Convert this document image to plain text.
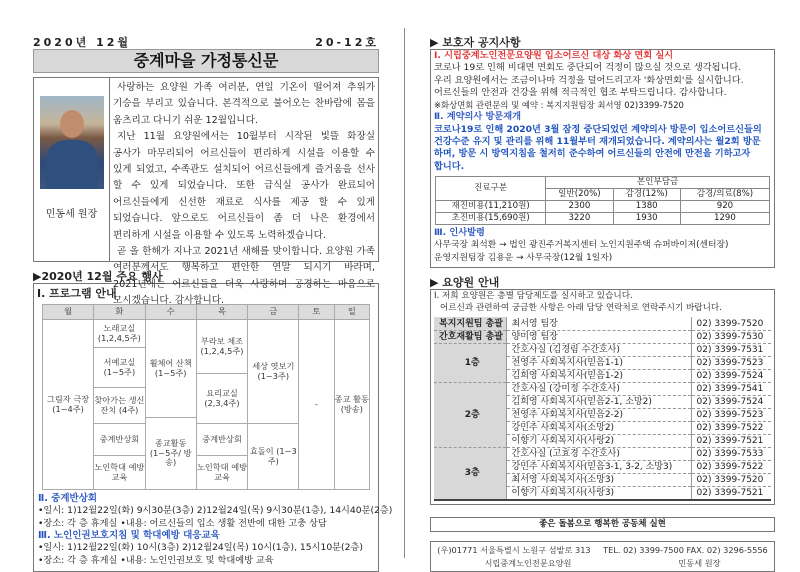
2020년 12월	20-12호
중계마을 가정통신문
민동세 원장

사랑하는 요양원 가족 여러분, 연일 기온이 떨어져 추위가 기승을 부리고 있습니다. 본격적으로 불어오는 찬바람에 몸을 움츠리고 다니기 쉬운 12월입니다.

지난 11월 요양원에서는 10월부터 시작된 빛뜰 화장실 공사가 마무리되어 어르신들이 편리하게 시설을 이용할 수 있게 되었고, 수족관도 설치되어 어르신들에게 즐거움을 선사 할 수 있게 되었습니다. 또한 급식실 공사가 완료되어 어르신들에게 신선한 재료로 식사를 제공 할 수 있게 되었습니다. 앞으로도 어르신들이 좀 더 나은 환경에서 편리하게 시설을 이용할 수 있도록 노력하겠습니다.

곧 올 한해가 지나고 2021년 새해를 맞이합니다. 요양원 가족 여러분께서도 행복하고 편안한 연말 되시기 바라며, 2021년에는 어르신들을 더욱 사랑하며 공경하는 마음으로 모시겠습니다. 감사합니다.

▶2020년 12월 주요 행사
Ⅰ. 프로그램 안내
월	화	수	목	금	토	일
그림자 극장 (1~4주)	노래교실 (1,2,4,5주)	휠체어 산책 (1~5주)	부라보 체조 (1,2,4,5주)	세상 엿보기 (1~3주)	-	종교 활동 (방송)

	서예교실 (1~5주)					
			요리교실 (2,3,4주)			
	찾아가는 생신잔치 (4주)					
		종교활동 (1~5주/ 방송)				
	중계반상회		중계반상회	효돌이 (1~3주)		

	노인학대 예방교육		노인학대 예방교육			

Ⅱ. 중계반상회
•일시: 1)12월22일(화) 9시30분(3층) 2)12월24일(목) 9시30분(1층), 14시40분(2층)
•장소: 각 층 휴게실 •내용: 어르신들의 입소 생활 전반에 대한 고충 상담
Ⅲ. 노인인권보호지침 및 학대예방 대응교육
•일시: 1)12월22일(화) 10시(3층) 2)12월24일(목) 10시(1층), 15시10분(2층)
•장소: 각 층 휴게실 •내용: 노인인권보호 및 학대예방 교육
▶ 보호자 공지사항
Ⅰ. 시립중계노인전문요양원 입소어르신 대상 화상 면회 실시
코로나 19로 인해 비대면 면회도 중단되어 걱정이 많으실 것으로 생각됩니다.
우리 요양원에서는 조금이나마 걱정을 덜어드리고자 '화상면회'를 실시합니다.
어르신들의 안전과 건강을 위해 적극적인 협조 부탁드립니다. 감사합니다.
※화상면회 관련문의 및 예약 : 복지지원팀장 최서영 02)3399-7520
Ⅱ. 계약의사 방문재개
코로나19로 인해 2020년 3월 잠정 중단되었던 계약의사 방문이 입소어르신들의
건강수준 유지 및 관리를 위해 11월부터 재개되었습니다. 계약의사는 월2회 방문
하며, 방문 시 방역지침을 철저히 준수하여 어르신들의 안전에 만전을 기하고자
합니다.
진료구분	본인부담금		
	일반(20%)	감경(12%)	감경/의료(8%)
재진비용(11,210원)	2300	1380	920
초진비용(15,690원)	3220	1930	1290
Ⅲ. 인사발령
사무국장 최석환 → 법인 광진주거복지센터 노인지원주택 슈퍼바이저(센터장)
운영지원팀장 김용운 → 사무국장(12월 1일자)
▶ 요양원 안내
Ⅰ. 저희 요양원은 층별 담당제도를 실시하고 있습니다.
어르신과 관련하여 궁금한 사항은 아래 담당 연락처로 연락주시기 바랍니다.
복지지원팀 총괄	최서영 팀장	02) 3399-7520
간호재활팀 총괄	양미영 팀장	02) 3399-7530
1층	간호사실 (김경림 수간호사)	02) 3399-7531
	전영주 사회복지사(믿음1-1)	02) 3399-7523
	김희영 사회복지사(믿음1-2)	02) 3399-7524
2층	간호사실 (강미정 수간호사)	02) 3399-7541
	김희영 사회복지사(믿음2-1, 소망2)	02) 3399-7524
	전영주 사회복지사(믿음2-2)	02) 3399-7523
	강민주 사회복지사(소망2)	02) 3399-7522
	이향기 사회복지사(사랑2)	02) 3399-7521
3층	간호사실 (고효경 수간호사)	02) 3399-7533
	강민주 사회복지사(믿음3-1, 3-2, 소망3)	02) 3399-7522
	최서영 사회복지사(소망3)	02) 3399-7520
	이향기 사회복지사(사랑3)	02) 3399-7521
좋은 돌봄으로 행복한 공동체 실현
(우)01771 서울특별시 노원구 섬밭로 313 TEL. 02) 3399-7500 FAX. 02) 3296-5556
시립중계노인전문요양원	민동세 원장
